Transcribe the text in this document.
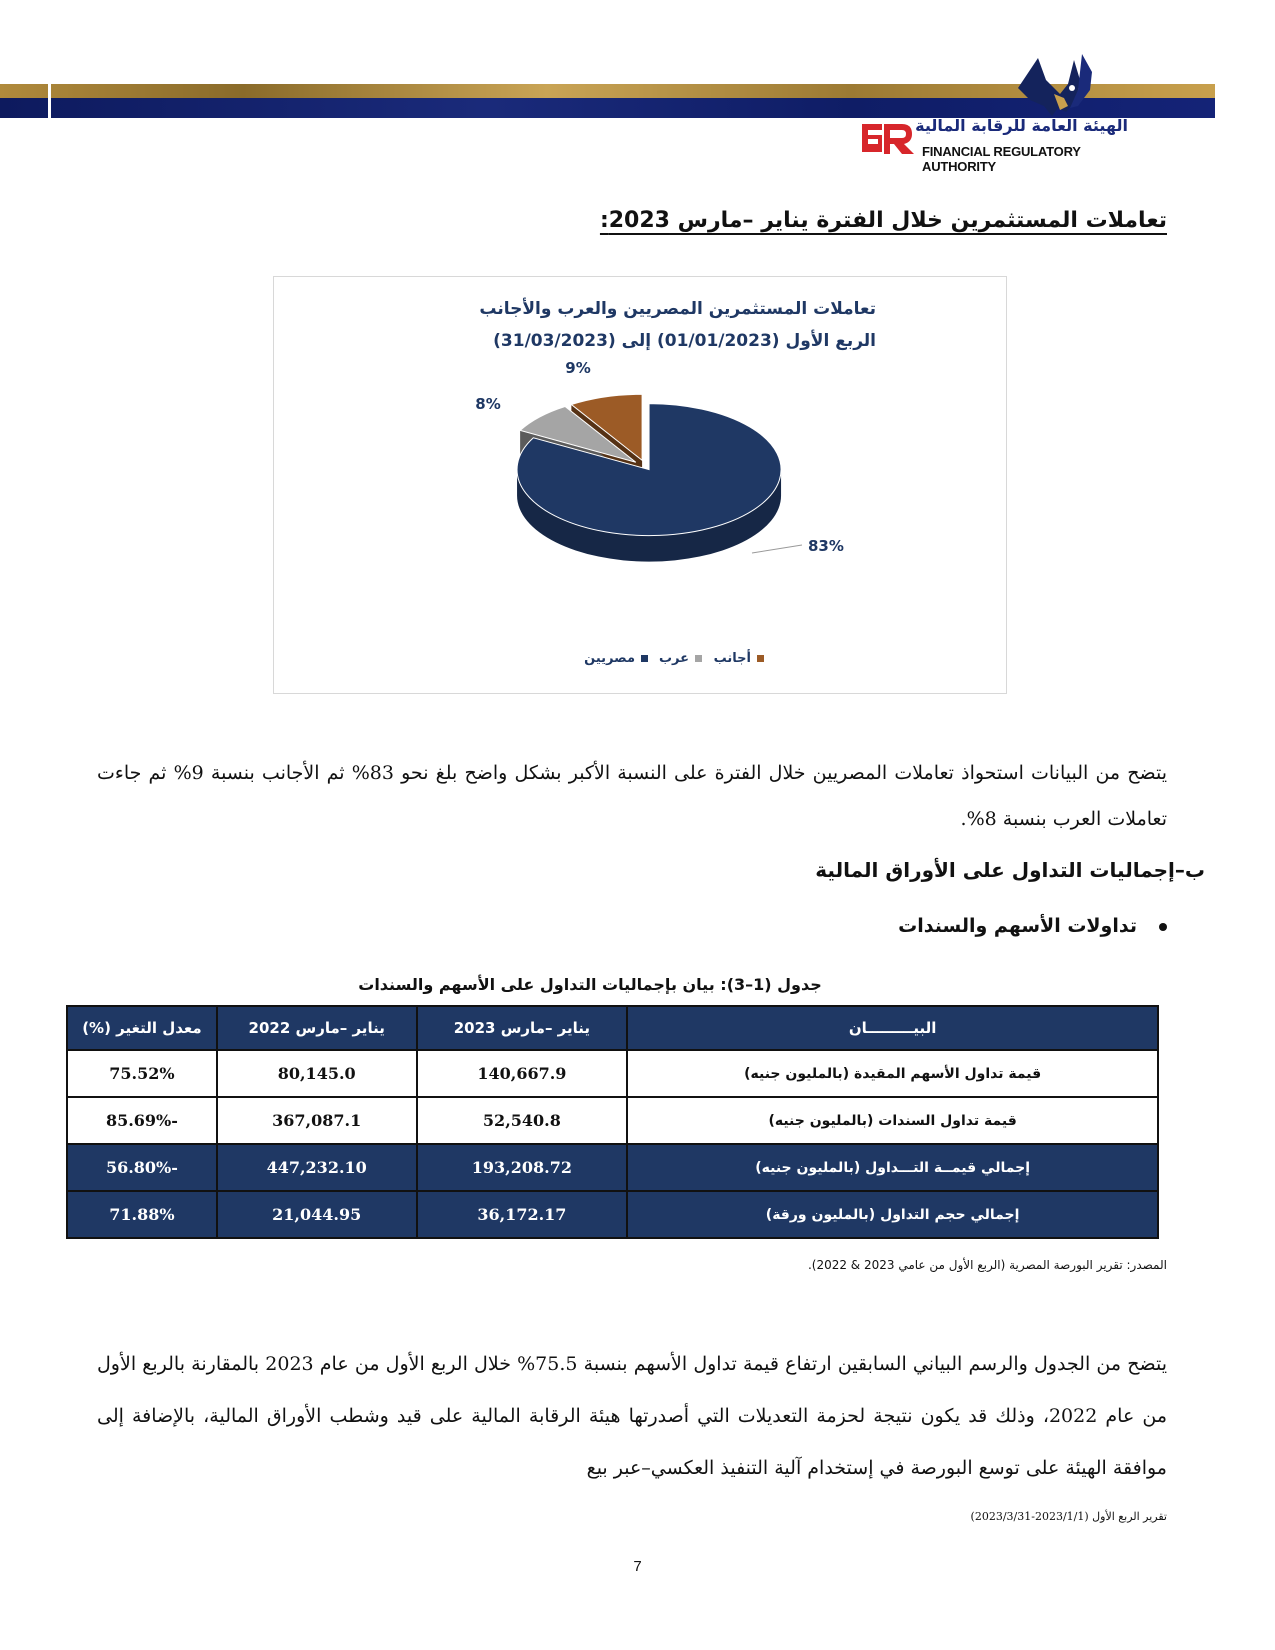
الهيئة العامة للرقابة المالية
FINANCIAL REGULATORY AUTHORITY
تعاملات المستثمرين خلال الفترة يناير –مارس 2023:
تعاملات المستثمرين المصريين والعرب والأجانب
الربع الأول (01/01/2023) إلى (31/03/2023)
83%
8%
9%
أجانب
عرب
مصريين
يتضح من البيانات استحواذ تعاملات المصريين خلال الفترة على النسبة الأكبر بشكل واضح بلغ نحو 83% ثم الأجانب بنسبة 9% ثم جاءت تعاملات العرب بنسبة 8%.
ب–إجماليات التداول على الأوراق المالية
تداولات الأسهم والسندات
جدول (1–3): بيان بإجماليات التداول على الأسهم والسندات
البيـــــــــان	يناير –مارس 2023	يناير –مارس 2022	معدل التغير (%)
قيمة تداول الأسهم المقيدة (بالمليون جنيه)	140,667.9	80,145.0	75.52%
قيمة تداول السندات (بالمليون جنيه)	52,540.8	367,087.1	-85.69%
إجمالي قيمــة التـــداول (بالمليون جنيه)	193,208.72	447,232.10	-56.80%
إجمالي حجم التداول (بالمليون ورقة)	36,172.17	21,044.95	71.88%
المصدر: تقرير البورصة المصرية (الربع الأول من عامي 2023 & 2022).
يتضح من الجدول والرسم البياني السابقين ارتفاع قيمة تداول الأسهم بنسبة 75.5% خلال الربع الأول من عام 2023 بالمقارنة بالربع الأول من عام 2022، وذلك قد يكون نتيجة لحزمة التعديلات التي أصدرتها هيئة الرقابة المالية على قيد وشطب الأوراق المالية، بالإضافة إلى موافقة الهيئة على توسع البورصة في إستخدام آلية التنفيذ العكسي–عبر بيع
تقرير الربع الأول (2023/1/1-2023/3/31)
7
